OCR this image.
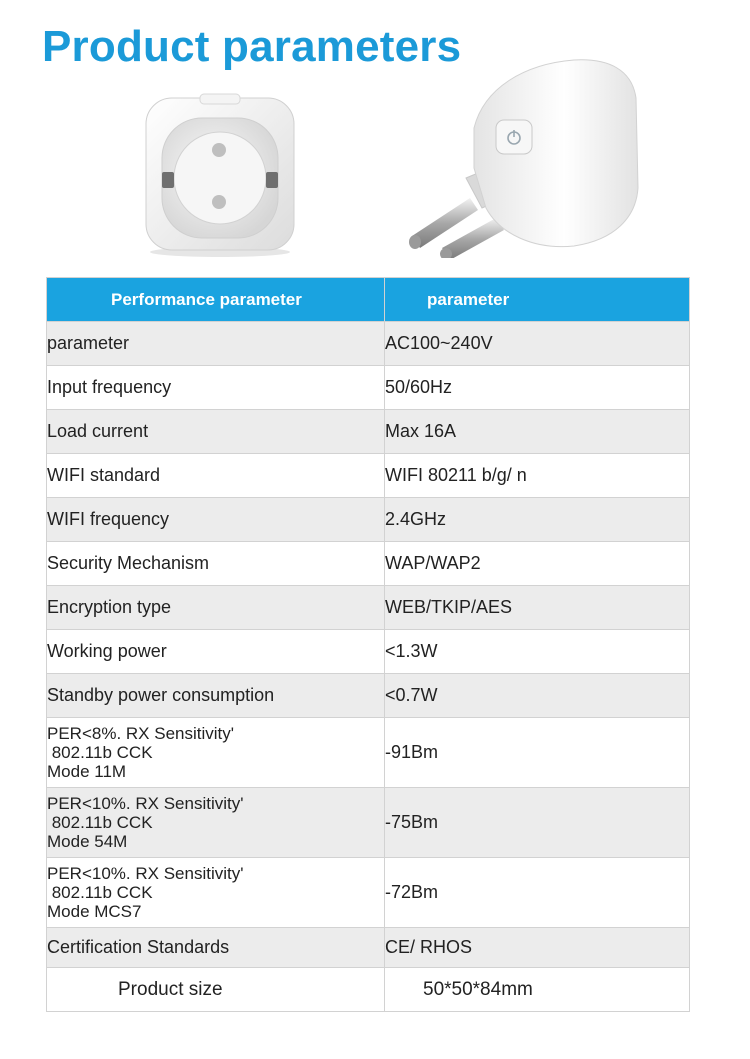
Product parameters
Performance parameter	parameter
parameter	AC100~240V
Input frequency	50/60Hz
Load current	Max 16A
WIFI standard	WIFI 80211 b/g/ n
WIFI frequency	2.4GHz
Security Mechanism	WAP/WAP2
Encryption type	WEB/TKIP/AES
Working power	<1.3W
Standby power consumption	<0.7W

PER<8%. RX Sensitivity'
802.11b CCK
Mode 11M	-91Bm

PER<10%. RX Sensitivity'
802.11b CCK
Mode 54M	-75Bm

PER<10%. RX Sensitivity'
802.11b CCK
Mode MCS7	-72Bm
Certification Standards	CE/ RHOS
Product size	50*50*84mm
